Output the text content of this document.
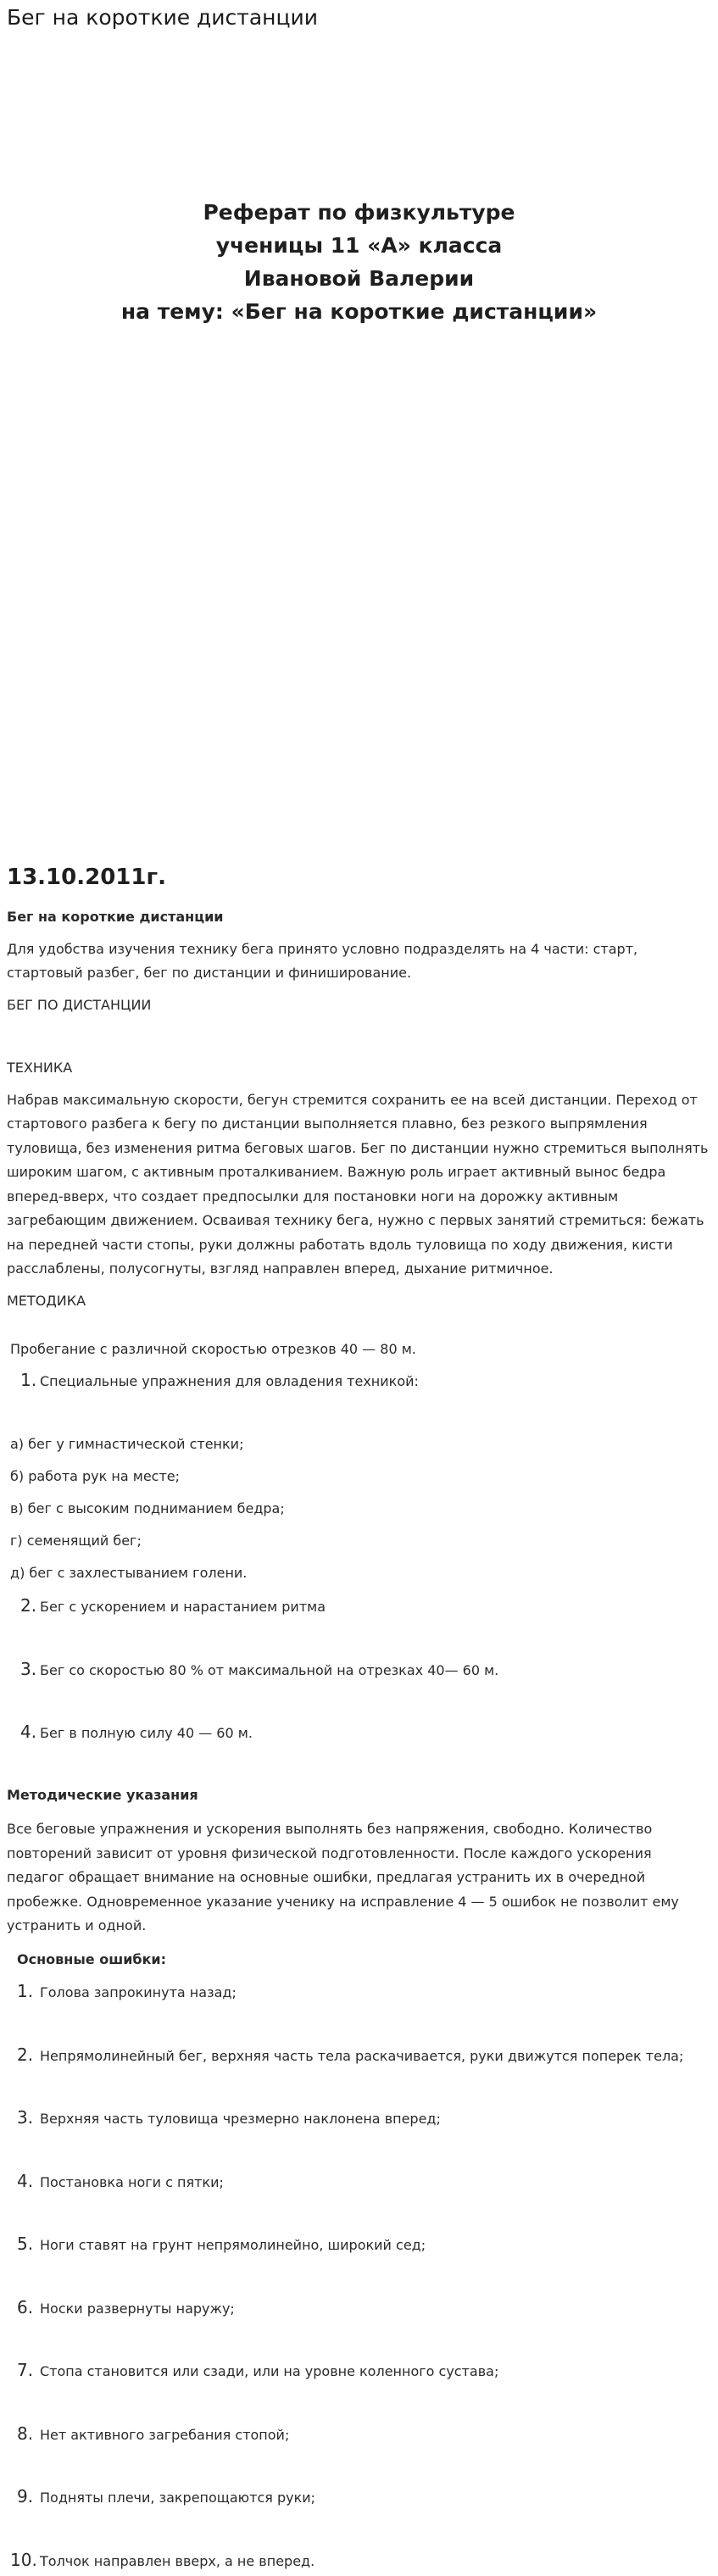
Бег на короткие дистанции

Реферат по физкультуре

ученицы 11 «А» класса

Ивановой Валерии

на тему: «Бег на короткие дистанции»

13.10.2011г.

Бег на короткие дистанции

Для удобства изучения технику бега принято условно подразделять на 4 части: старт, стартовый разбег, бег по дистанции и финиширование.

БЕГ ПО ДИСТАНЦИИ

ТЕХНИКА

Набрав максимальную скорости, бегун стремится сохранить ее на всей дистанции. Переход от стартового разбега к бегу по дистанции выполняется плавно, без резкого выпрямления туловища, без изменения ритма беговых шагов. Бег по дистанции нужно стремиться выполнять широким шагом, с активным проталкиванием. Важную роль играет активный вынос бедра вперед-вверх, что создает предпосылки для постановки ноги на дорожку активным загребающим движением. Осваивая технику бега, нужно с первых занятий стремиться: бежать на передней части стопы, руки должны работать вдоль туловища по ходу движения, кисти расслаблены, полусогнуты, взгляд направлен вперед, дыхание ритмичное.

МЕТОДИКА

Пробегание с различной скоростью отрезков 40 — 80 м.

1. Специальные упражнения для овладения техникой:

а) бег у гимнастической стенки;

б) работа рук на месте;

в) бег с высоким подниманием бедра;

г) семенящий бег;

д) бег с захлестыванием голени.

2. Бег с ускорением и нарастанием ритма
3. Бег со скоростью 80 % от максимальной на отрезках 40— 60 м.
4. Бег в полную силу 40 — 60 м.

Методические указания

Все беговые упражнения и ускорения выполнять без напряжения, свободно. Количество повторений зависит от уровня физической подготовленности. После каждого ускорения педагог обращает внимание на основные ошибки, предлагая устранить их в очередной пробежке. Одновременное указание ученику на исправление 4 — 5 ошибок не позволит ему устранить и одной.

Основные ошибки:

1. Голова запрокинута назад;
2. Непрямолинейный бег, верхняя часть тела раскачивается, руки движутся поперек тела;
3. Верхняя часть туловища чрезмерно наклонена вперед;
4. Постановка ноги с пятки;
5. Ноги ставят на грунт непрямолинейно, широкий сед;
6. Носки развернуты наружу;
7. Стопа становится или сзади, или на уровне коленного сустава;
8. Нет активного загребания стопой;
9. Подняты плечи, закрепощаются руки;
10. Толчок направлен вверх, а не вперед.
